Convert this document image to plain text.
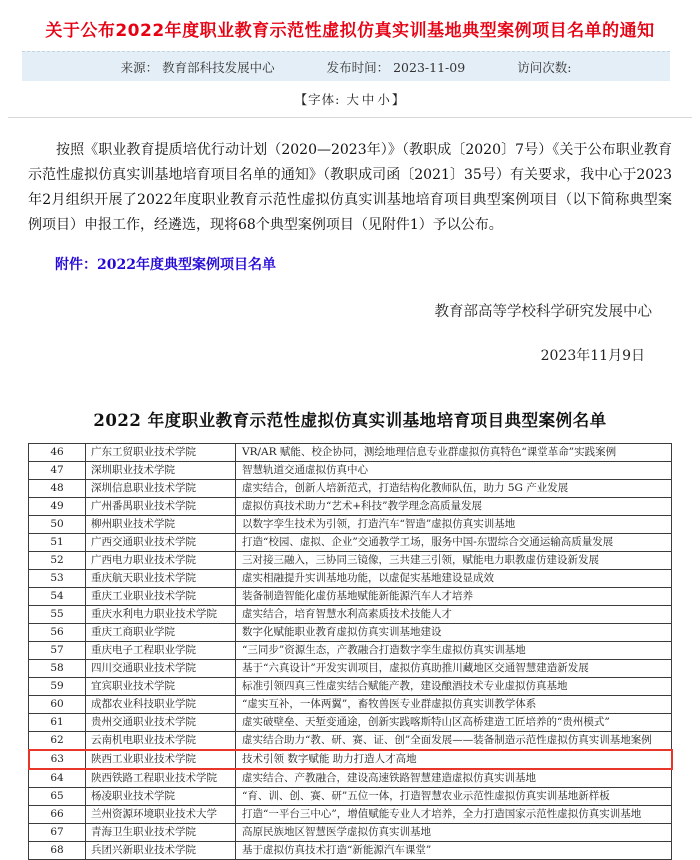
关于公布2022年度职业教育示范性虚拟仿真实训基地典型案例项目名单的通知
来源： 教育部科技发展中心	发布时间： 2023-11-09	访问次数:
【字体: 大 中 小】

按照《职业教育提质培优行动计划（2020—2023年）》（教职成〔2020〕7号）《关于公布职业教育示范性虚拟仿真实训基地培育项目名单的通知》（教职成司函〔2021〕35号）有关要求，我中心于2023年2月组织开展了2022年度职业教育示范性虚拟仿真实训基地培育项目典型案例项目（以下简称典型案例项目）申报工作，经遴选，现将68个典型案例项目（见附件1）予以公布。

附件：2022年度典型案例项目名单

教育部高等学校科学研究发展中心
2023年11月9日
2022 年度职业教育示范性虚拟仿真实训基地培育项目典型案例名单
46	广东工贸职业技术学院	VR/AR 赋能、校企协同，测绘地理信息专业群虚拟仿真特色“课堂革命”实践案例
47	深圳职业技术学院	智慧轨道交通虚拟仿真中心
48	深圳信息职业技术学院	虚实结合，创新人培新范式，打造结构化教师队伍，助力 5G 产业发展
49	广州番禺职业技术学院	虚拟仿真技术助力“艺术+科技”教学理念高质量发展
50	柳州职业技术学院	以数字孪生技术为引领，打造汽车“智造”虚拟仿真实训基地
51	广西交通职业技术学院	打造“校园、虚拟、企业”交通教学工场，服务中国-东盟综合交通运输高质量发展
52	广西电力职业技术学院	三对接三融入，三协同三镜像，三共建三引领，赋能电力职教虚仿建设新发展
53	重庆航天职业技术学院	虚实相融提升实训基地功能，以虚促实基地建设显成效
54	重庆工业职业技术学院	装备制造智能化虚仿基地赋能新能源汽车人才培养
55	重庆水利电力职业技术学院	虚实结合，培育智慧水利高素质技术技能人才
56	重庆工商职业学院	数字化赋能职业教育虚拟仿真实训基地建设
57	重庆电子工程职业学院	“三同步”资源生态，产教融合打造数字孪生虚拟仿真实训基地
58	四川交通职业技术学院	基于“六真设计”开发实训项目，虚拟仿真助推川藏地区交通智慧建造新发展
59	宜宾职业技术学院	标准引领四真三性虚实结合赋能产教，建设酿酒技术专业虚拟仿真基地
60	成都农业科技职业学院	“虚实互补，一体两翼”，畜牧兽医专业群虚拟仿真实训教学体系
61	贵州交通职业技术学院	虚实破壁垒、天堑变通途，创新实践喀斯特山区高桥建造工匠培养的“贵州模式”
62	云南机电职业技术学院	虚实结合助力“教、研、赛、证、创”全面发展——装备制造示范性虚拟仿真实训基地案例
63	陕西工业职业技术学院	技术引领 数字赋能 助力打造人才高地
64	陕西铁路工程职业技术学院	虚实结合、产教融合，建设高速铁路智慧建造虚拟仿真实训基地
65	杨凌职业技术学院	“育、训、创、赛、研”五位一体，打造智慧农业示范性虚拟仿真实训基地新样板
66	兰州资源环境职业技术大学	打造“一平台三中心”，增值赋能专业人才培养，全力打造国家示范性虚拟仿真实训基地
67	青海卫生职业技术学院	高原民族地区智慧医学虚拟仿真实训基地
68	兵团兴新职业技术学院	基于虚拟仿真技术打造“新能源汽车课堂”
